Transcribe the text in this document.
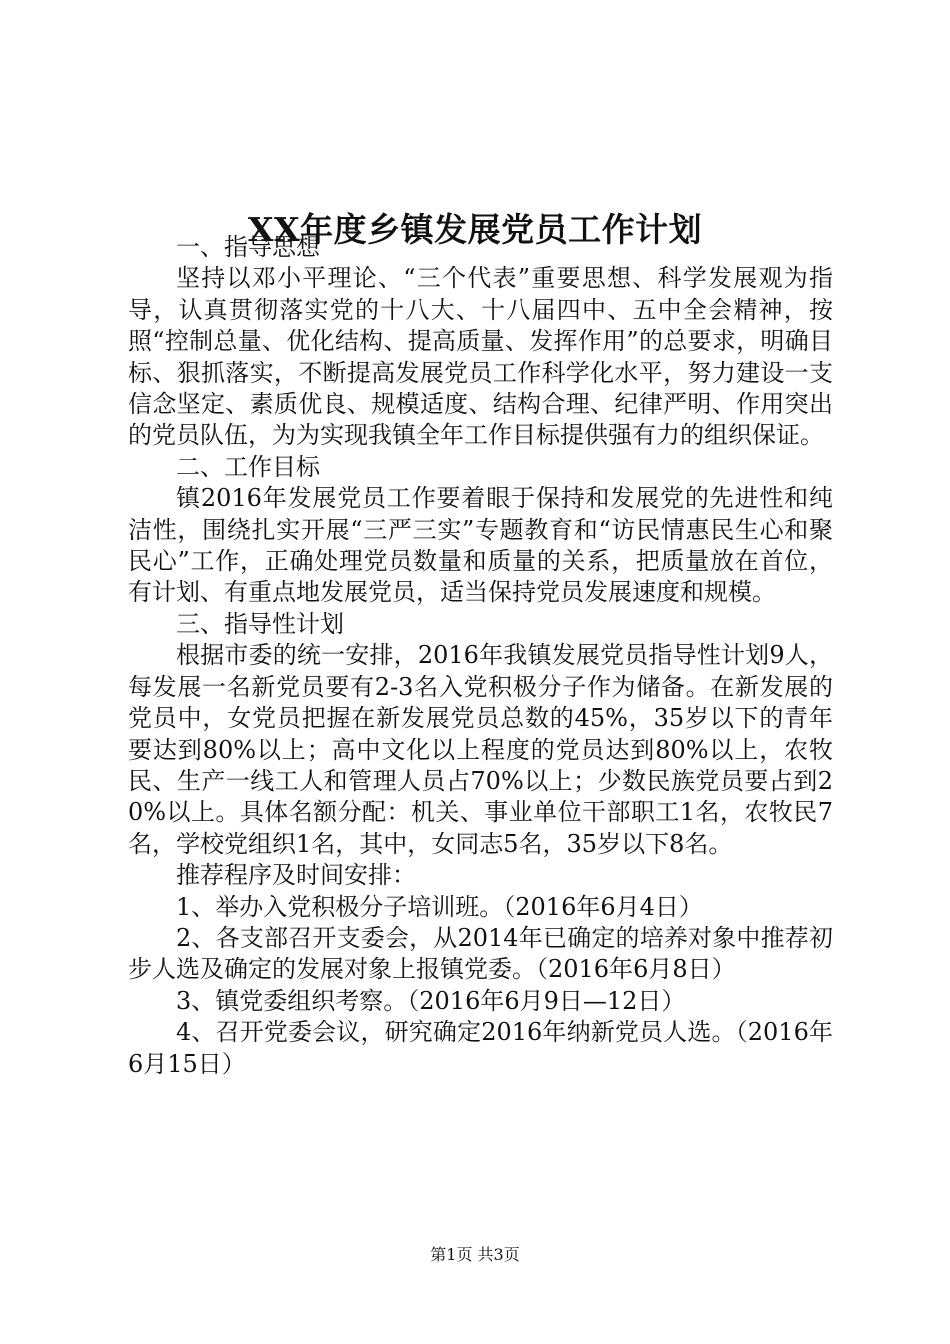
XX年度乡镇发展党员工作计划

一、指导思想

坚持以邓小平理论、“三个代表”重要思想、科学发展观为指导，认真贯彻落实党的十八大、十八届四中、五中全会精神，按照“控制总量、优化结构、提高质量、发挥作用”的总要求，明确目标、狠抓落实，不断提高发展党员工作科学化水平，努力建设一支信念坚定、素质优良、规模适度、结构合理、纪律严明、作用突出的党员队伍，为为实现我镇全年工作目标提供强有力的组织保证。

二、工作目标

镇2016年发展党员工作要着眼于保持和发展党的先进性和纯洁性，围绕扎实开展“三严三实”专题教育和“访民情惠民生心和聚民心”工作，正确处理党员数量和质量的关系，把质量放在首位，有计划、有重点地发展党员，适当保持党员发展速度和规模。

三、指导性计划

根据市委的统一安排，2016年我镇发展党员指导性计划9人，每发展一名新党员要有2-3名入党积极分子作为储备。在新发展的党员中，女党员把握在新发展党员总数的45%，35岁以下的青年要达到80%以上；高中文化以上程度的党员达到80%以上，农牧民、生产一线工人和管理人员占70%以上；少数民族党员要占到20%以上。具体名额分配：机关、事业单位干部职工1名，农牧民7名，学校党组织1名，其中，女同志5名，35岁以下8名。

推荐程序及时间安排：

1、举办入党积极分子培训班。（2016年6月4日）

2、各支部召开支委会，从2014年已确定的培养对象中推荐初步人选及确定的发展对象上报镇党委。（2016年6月8日）

3、镇党委组织考察。（2016年6月9日—12日）

4、召开党委会议，研究确定2016年纳新党员人选。（2016年6月15日）

第1页 共3页
